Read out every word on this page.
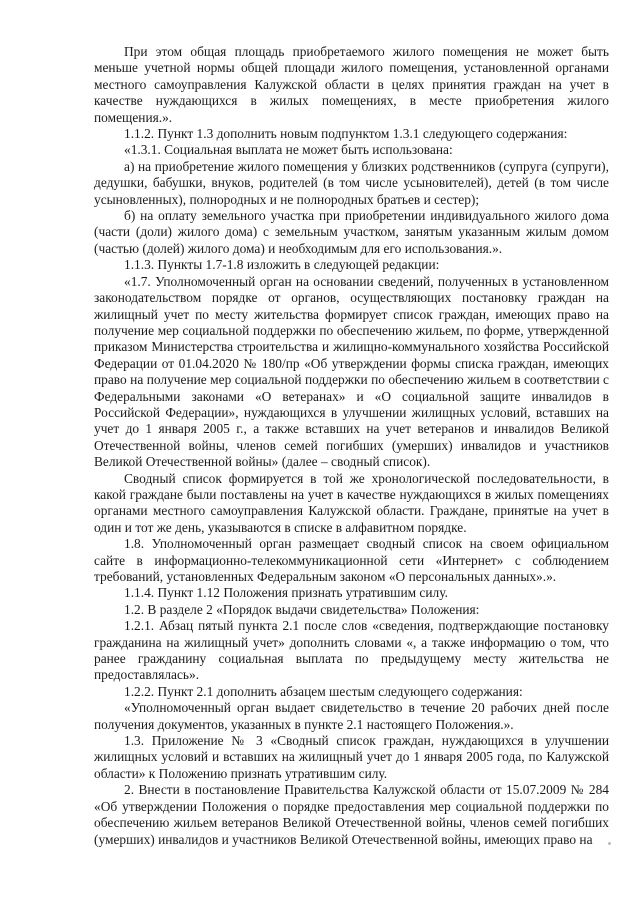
При этом общая площадь приобретаемого жилого помещения не может быть меньше учетной нормы общей площади жилого помещения, установленной органами местного самоуправления Калужской области в целях принятия граждан на учет в качестве нуждающихся в жилых помещениях, в месте приобретения жилого помещения.».

1.1.2. Пункт 1.3 дополнить новым подпунктом 1.3.1 следующего содержания:

«1.3.1. Социальная выплата не может быть использована:

а) на приобретение жилого помещения у близких родственников (супруга (супруги), дедушки, бабушки, внуков, родителей (в том числе усыновителей), детей (в том числе усыновленных), полнородных и не полнородных братьев и сестер);

б) на оплату земельного участка при приобретении индивидуального жилого дома (части (доли) жилого дома) с земельным участком, занятым указанным жилым домом (частью (долей) жилого дома) и необходимым для его использования.».

1.1.3. Пункты 1.7-1.8 изложить в следующей редакции:

«1.7. Уполномоченный орган на основании сведений, полученных в установленном законодательством порядке от органов, осуществляющих постановку граждан на жилищный учет по месту жительства формирует список граждан, имеющих право на получение мер социальной поддержки по обеспечению жильем, по форме, утвержденной приказом Министерства строительства и жилищно-коммунального хозяйства Российской Федерации от 01.04.2020 № 180/пр «Об утверждении формы списка граждан, имеющих право на получение мер социальной поддержки по обеспечению жильем в соответствии с Федеральными законами «О ветеранах» и «О социальной защите инвалидов в Российской Федерации», нуждающихся в улучшении жилищных условий, вставших на учет до 1 января 2005 г., а также вставших на учет ветеранов и инвалидов Великой Отечественной войны, членов семей погибших (умерших) инвалидов и участников Великой Отечественной войны» (далее – сводный список).

Сводный список формируется в той же хронологической последовательности, в какой граждане были поставлены на учет в качестве нуждающихся в жилых помещениях органами местного самоуправления Калужской области. Граждане, принятые на учет в один и тот же день, указываются в списке в алфавитном порядке.

1.8. Уполномоченный орган размещает сводный список на своем официальном сайте в информационно-телекоммуникационной сети «Интернет» с соблюдением требований, установленных Федеральным законом «О персональных данных».».

1.1.4. Пункт 1.12 Положения признать утратившим силу.

1.2. В разделе 2 «Порядок выдачи свидетельства» Положения:

1.2.1. Абзац пятый пункта 2.1 после слов «сведения, подтверждающие постановку гражданина на жилищный учет» дополнить словами «, а также информацию о том, что ранее гражданину социальная выплата по предыдущему месту жительства не предоставлялась».

1.2.2. Пункт 2.1 дополнить абзацем шестым следующего содержания:

«Уполномоченный орган выдает свидетельство в течение 20 рабочих дней после получения документов, указанных в пункте 2.1 настоящего Положения.».

1.3. Приложение № 3 «Сводный список граждан, нуждающихся в улучшении жилищных условий и вставших на жилищный учет до 1 января 2005 года, по Калужской области» к Положению признать утратившим силу.

2. Внести в постановление Правительства Калужской области от 15.07.2009 № 284 «Об утверждении Положения о порядке предоставления мер социальной поддержки по обеспечению жильем ветеранов Великой Отечественной войны, членов семей погибших (умерших) инвалидов и участников Великой Отечественной войны, имеющих право на
